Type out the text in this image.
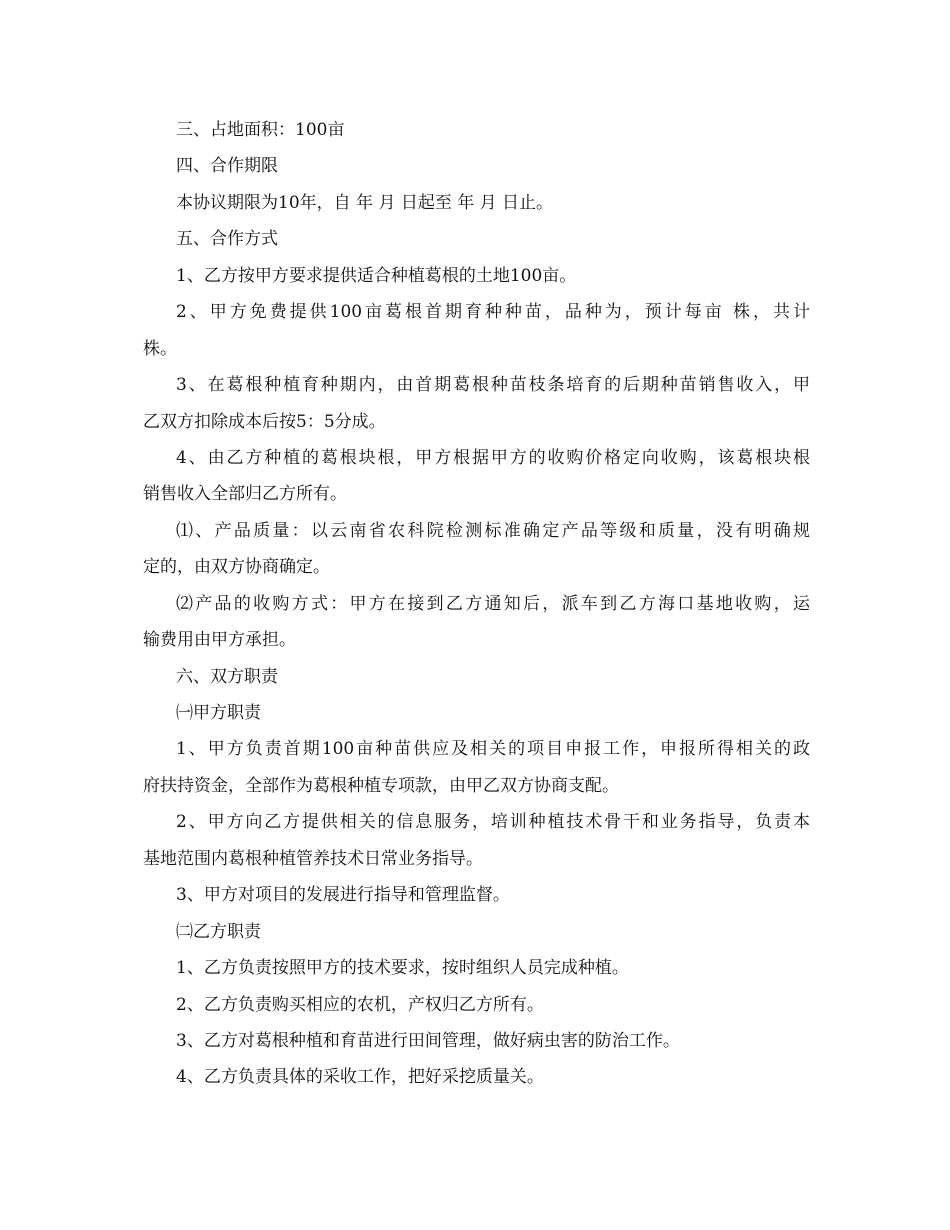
三、占地面积：100亩
四、合作期限
本协议期限为10年，自 年 月 日起至 年 月 日止。
五、合作方式
1、乙方按甲方要求提供适合种植葛根的土地100亩。
2、甲方免费提供100亩葛根首期育种种苗，品种为，预计每亩 株，共计
株。
3、在葛根种植育种期内，由首期葛根种苗枝条培育的后期种苗销售收入，甲
乙双方扣除成本后按5：5分成。
4、由乙方种植的葛根块根，甲方根据甲方的收购价格定向收购，该葛根块根
销售收入全部归乙方所有。
⑴、产品质量：以云南省农科院检测标准确定产品等级和质量，没有明确规
定的，由双方协商确定。
⑵产品的收购方式：甲方在接到乙方通知后，派车到乙方海口基地收购，运
输费用由甲方承担。
六、双方职责
㈠甲方职责
1、甲方负责首期100亩种苗供应及相关的项目申报工作，申报所得相关的政
府扶持资金，全部作为葛根种植专项款，由甲乙双方协商支配。
2、甲方向乙方提供相关的信息服务，培训种植技术骨干和业务指导，负责本
基地范围内葛根种植管养技术日常业务指导。
3、甲方对项目的发展进行指导和管理监督。
㈡乙方职责
1、乙方负责按照甲方的技术要求，按时组织人员完成种植。
2、乙方负责购买相应的农机，产权归乙方所有。
3、乙方对葛根种植和育苗进行田间管理，做好病虫害的防治工作。
4、乙方负责具体的采收工作，把好采挖质量关。
